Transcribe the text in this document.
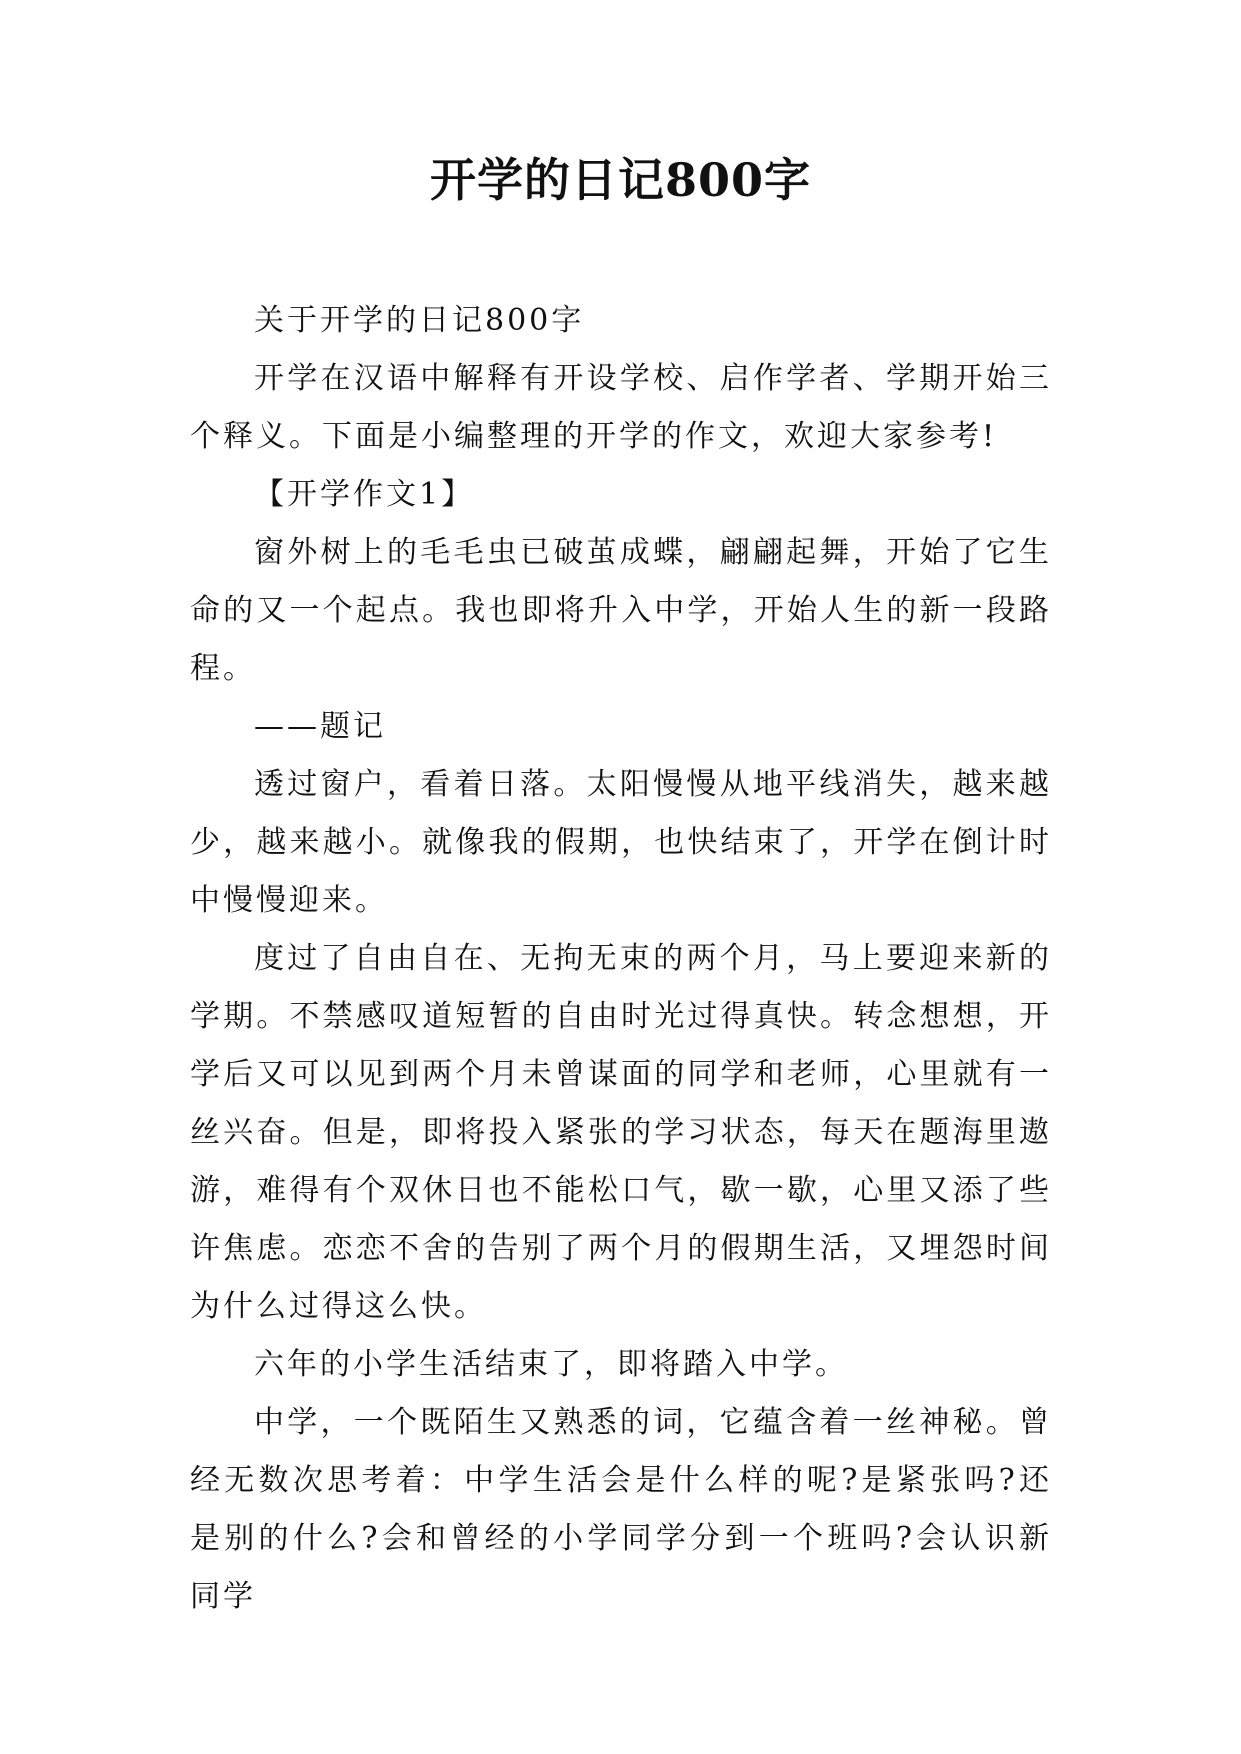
开学的日记800字

关于开学的日记800字

开学在汉语中解释有开设学校、启作学者、学期开始三个释义。下面是小编整理的开学的作文，欢迎大家参考!

【开学作文1】

窗外树上的毛毛虫已破茧成蝶，翩翩起舞，开始了它生命的又一个起点。我也即将升入中学，开始人生的新一段路程。

——题记

透过窗户，看着日落。太阳慢慢从地平线消失，越来越少，越来越小。就像我的假期，也快结束了，开学在倒计时中慢慢迎来。

度过了自由自在、无拘无束的两个月，马上要迎来新的学期。不禁感叹道短暂的自由时光过得真快。转念想想，开学后又可以见到两个月未曾谋面的同学和老师，心里就有一丝兴奋。但是，即将投入紧张的学习状态，每天在题海里遨游，难得有个双休日也不能松口气，歇一歇，心里又添了些许焦虑。恋恋不舍的告别了两个月的假期生活，又埋怨时间为什么过得这么快。

六年的小学生活结束了，即将踏入中学。

中学，一个既陌生又熟悉的词，它蕴含着一丝神秘。曾经无数次思考着：中学生活会是什么样的呢?是紧张吗?还是别的什么?会和曾经的小学同学分到一个班吗?会认识新同学
